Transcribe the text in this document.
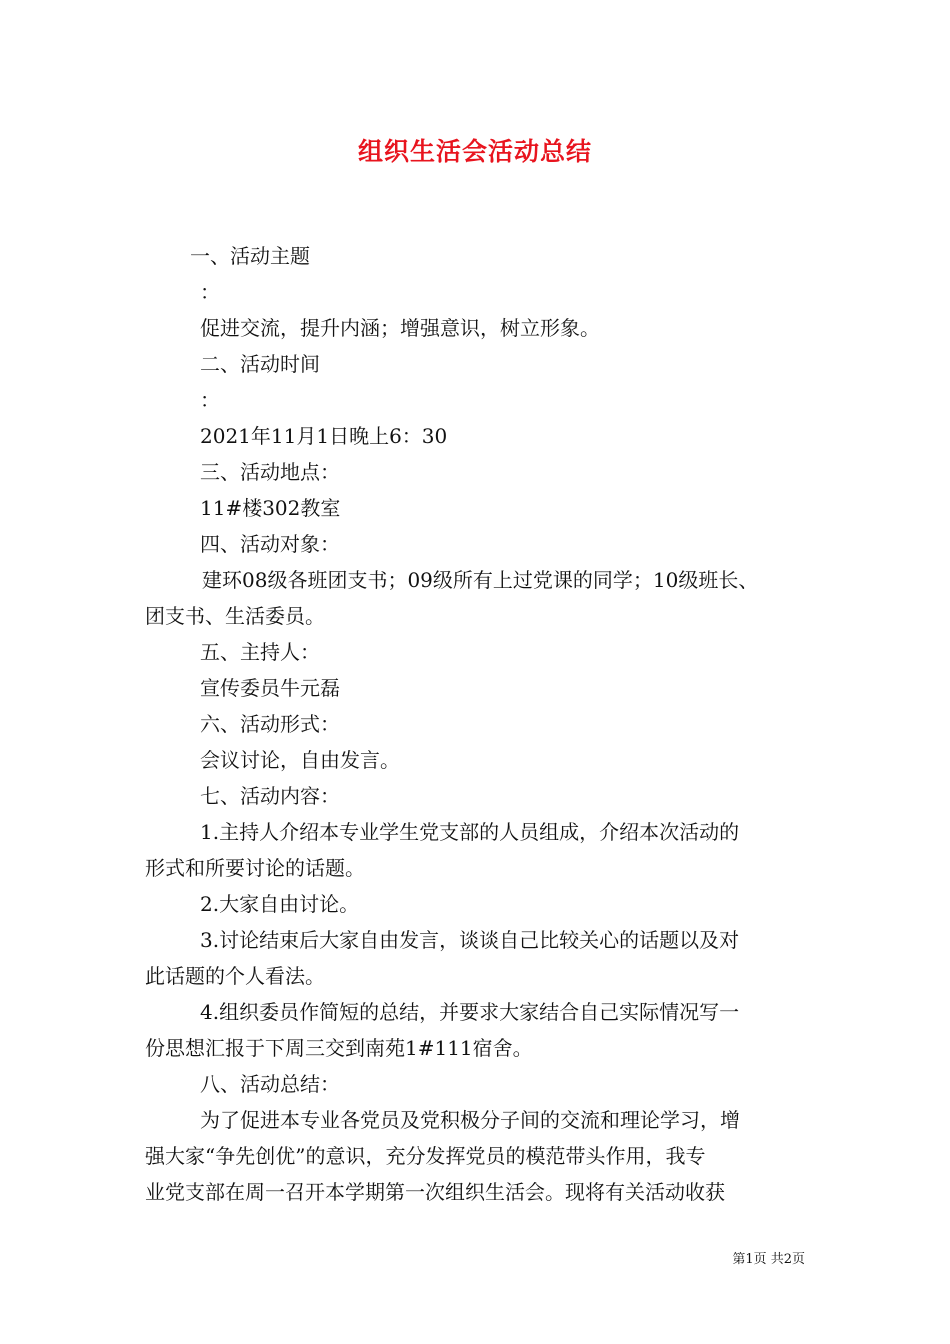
组织生活会活动总结
一、活动主题
：
促进交流，提升内涵；增强意识，树立形象。
二、活动时间
：
2021年11月1日晚上6：30
三、活动地点：
11#楼302教室
四、活动对象：
建环08级各班团支书；09级所有上过党课的同学；10级班长、
团支书、生活委员。
五、主持人：
宣传委员牛元磊
六、活动形式：
会议讨论，自由发言。
七、活动内容：
1.主持人介绍本专业学生党支部的人员组成，介绍本次活动的
形式和所要讨论的话题。
2.大家自由讨论。
3.讨论结束后大家自由发言，谈谈自己比较关心的话题以及对
此话题的个人看法。
4.组织委员作简短的总结，并要求大家结合自己实际情况写一
份思想汇报于下周三交到南苑1#111宿舍。
八、活动总结：
为了促进本专业各党员及党积极分子间的交流和理论学习，增
强大家“争先创优”的意识，充分发挥党员的模范带头作用，我专
业党支部在周一召开本学期第一次组织生活会。现将有关活动收获
第1页 共2页
